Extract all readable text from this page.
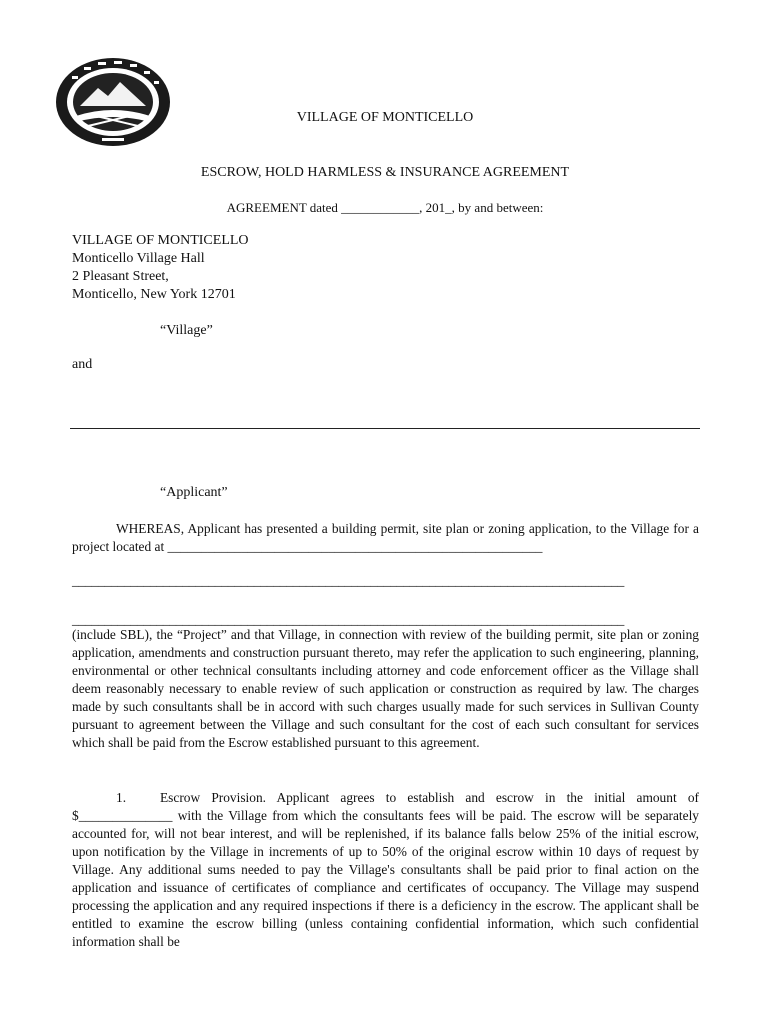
VILLAGE OF MONTICELLO
ESCROW, HOLD HARMLESS & INSURANCE AGREEMENT
AGREEMENT dated ____________, 201_, by and between:
VILLAGE OF MONTICELLO
Monticello Village Hall
2 Pleasant Street,
Monticello, New York 12701
“Village”
and
“Applicant”
WHEREAS, Applicant has presented a building permit, site plan or zoning application, to the Village for a project located at ________________________________________________________
_____________________________________________________________________________________
_____________________________________________________________________________________
(include SBL), the “Project” and that Village, in connection with review of the building permit, site plan or zoning application, amendments and construction pursuant thereto, may refer the application to such engineering, planning, environmental or other technical consultants including attorney and code enforcement officer as the Village shall deem reasonably necessary to enable review of such application or construction as required by law. The charges made by such consultants shall be in accord with such charges usually made for such services in Sullivan County pursuant to agreement between the Village and such consultant for the cost of each such consultant for services which shall be paid from the Escrow established pursuant to this agreement.
1.	Escrow Provision. Applicant agrees to establish and escrow in the initial amount of $______________ with the Village from which the consultants fees will be paid. The escrow will be separately accounted for, will not bear interest, and will be replenished, if its balance falls below 25% of the initial escrow, upon notification by the Village in increments of up to 50% of the original escrow within 10 days of request by Village. Any additional sums needed to pay the Village's consultants shall be paid prior to final action on the application and issuance of certificates of compliance and certificates of occupancy. The Village may suspend processing the application and any required inspections if there is a deficiency in the escrow. The applicant shall be entitled to examine the escrow billing (unless containing confidential information, which such confidential information shall be
